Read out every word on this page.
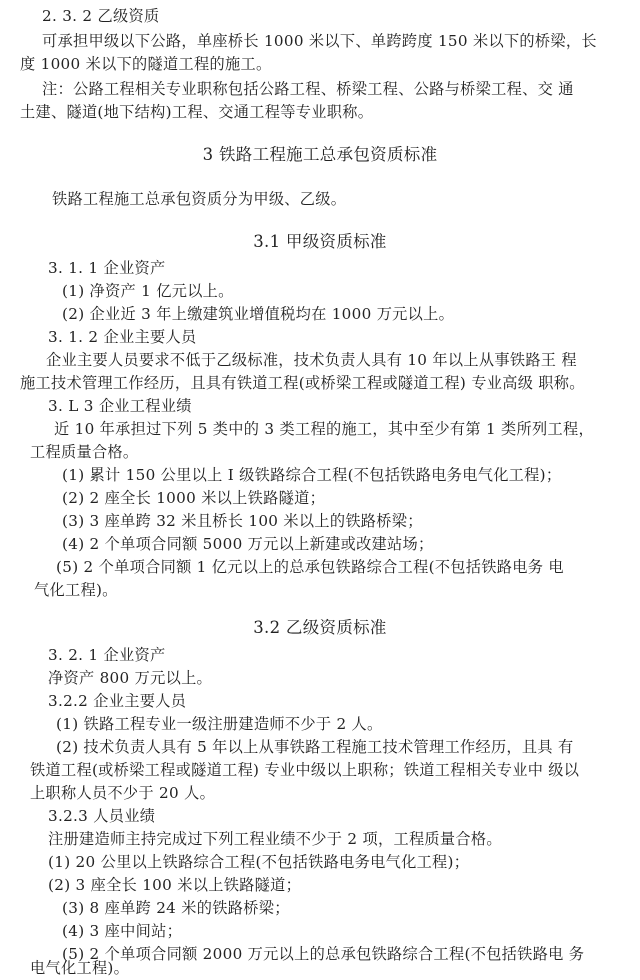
2. 3. 2 乙级资质
可承担甲级以下公路，单座桥长 1000 米以下、单跨跨度 150 米以下的桥梁，长
度 1000 米以下的隧道工程的施工。
注：公路工程相关专业职称包括公路工程、桥梁工程、公路与桥梁工程、交 通
土建、隧道(地下结构)工程、交通工程等专业职称。
3 铁路工程施工总承包资质标准
铁路工程施工总承包资质分为甲级、乙级。
3.1 甲级资质标准
3. 1. 1 企业资产
(1) 净资产 1 亿元以上。
(2) 企业近 3 年上缴建筑业增值税均在 1000 万元以上。
3. 1. 2 企业主要人员
企业主要人员要求不低于乙级标准，技术负责人具有 10 年以上从事铁路王 程
施工技术管理工作经历，且具有铁道工程(或桥梁工程或隧道工程) 专业高级 职称。
3. L 3 企业工程业绩
近 10 年承担过下列 5 类中的 3 类工程的施工，其中至少有第 1 类所列工程，
工程质量合格。
(1) 累计 150 公里以上 I 级铁路综合工程(不包括铁路电务电气化工程)；
(2) 2 座全长 1000 米以上铁路隧道；
(3) 3 座单跨 32 米且桥长 100 米以上的铁路桥梁；
(4) 2 个单项合同额 5000 万元以上新建或改建站场；
(5) 2 个单项合同额 1 亿元以上的总承包铁路综合工程(不包括铁路电务 电
气化工程)。
3.2 乙级资质标准
3. 2. 1 企业资产
净资产 800 万元以上。
3.2.2 企业主要人员
(1) 铁路工程专业一级注册建造师不少于 2 人。
(2) 技术负责人具有 5 年以上从事铁路工程施工技术管理工作经历，且具 有
铁道工程(或桥梁工程或隧道工程) 专业中级以上职称；铁道工程相关专业中 级以
上职称人员不少于 20 人。
3.2.3 人员业绩
注册建造师主持完成过下列工程业绩不少于 2 项，工程质量合格。
(1) 20 公里以上铁路综合工程(不包括铁路电务电气化工程)；
(2) 3 座全长 100 米以上铁路隧道；
(3) 8 座单跨 24 米的铁路桥梁；
(4) 3 座中间站；
(5) 2 个单项合同额 2000 万元以上的总承包铁路综合工程(不包括铁路电 务
电气化工程)。
